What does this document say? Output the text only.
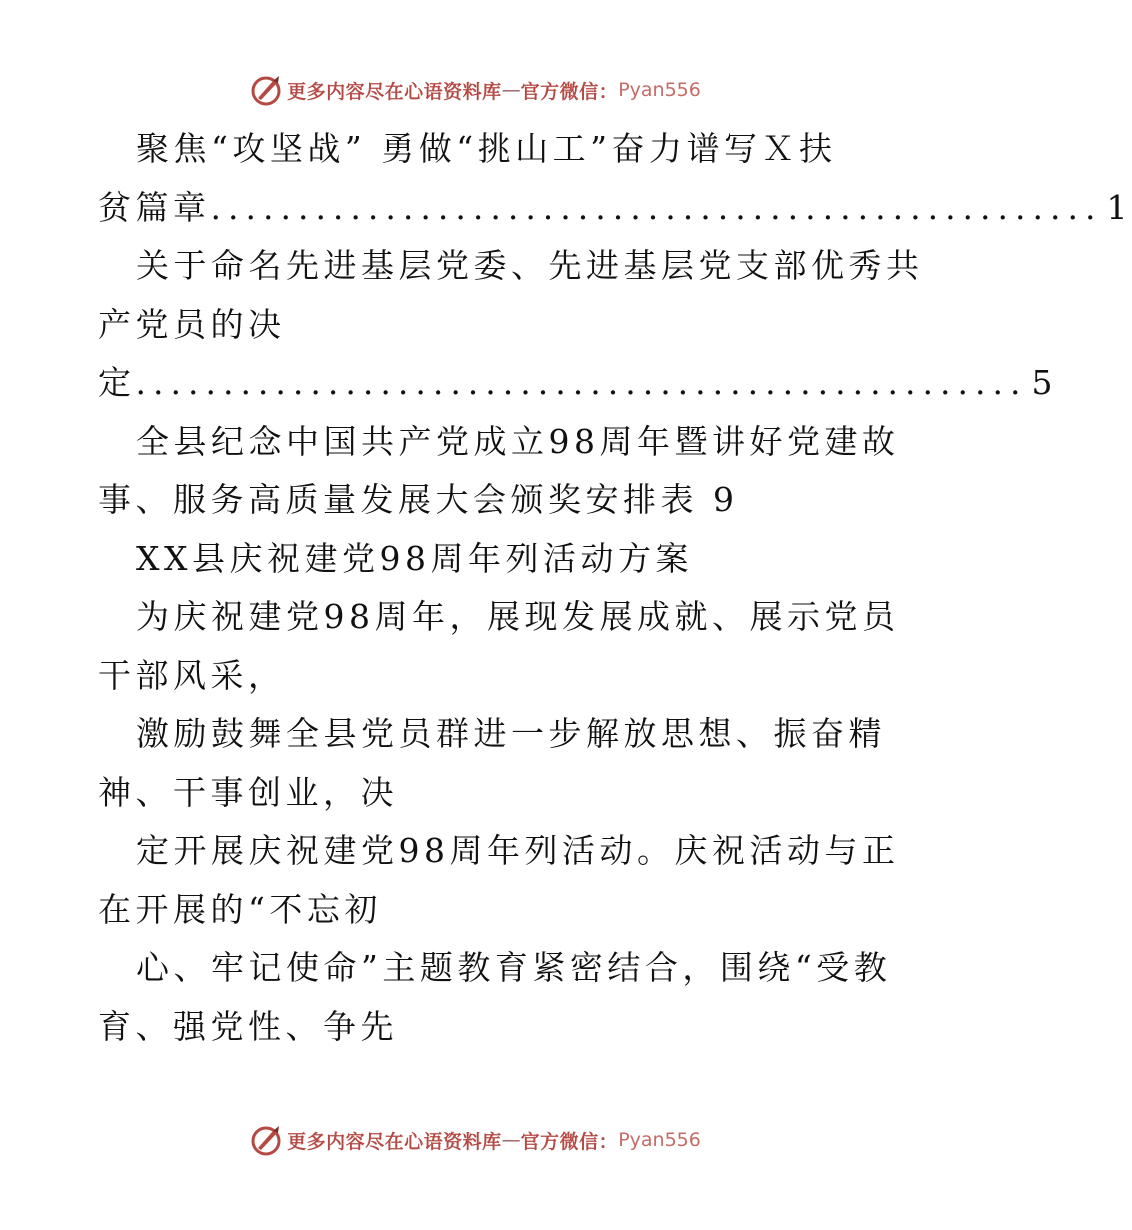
更多内容尽在心语资料库 — 官方微信： Pyan556
聚焦“攻坚战” 勇做“挑山工”奋力谱写Ｘ扶
贫篇章 ................................................... 1
关于命名先进基层党委、先进基层党支部优秀共
产党员的决
定 ................................................... 5
全县纪念中国共产党成立98周年暨讲好党建故
事、服务高质量发展大会颁奖安排表 9
XX县庆祝建党98周年列活动方案
为庆祝建党98周年，展现发展成就、展示党员
干部风采，
激励鼓舞全县党员群进一步解放思想、振奋精
神、干事创业，决
定开展庆祝建党98周年列活动。庆祝活动与正
在开展的“不忘初
心、牢记使命”主题教育紧密结合，围绕“受教
育、强党性、争先
更多内容尽在心语资料库 — 官方微信： Pyan556
